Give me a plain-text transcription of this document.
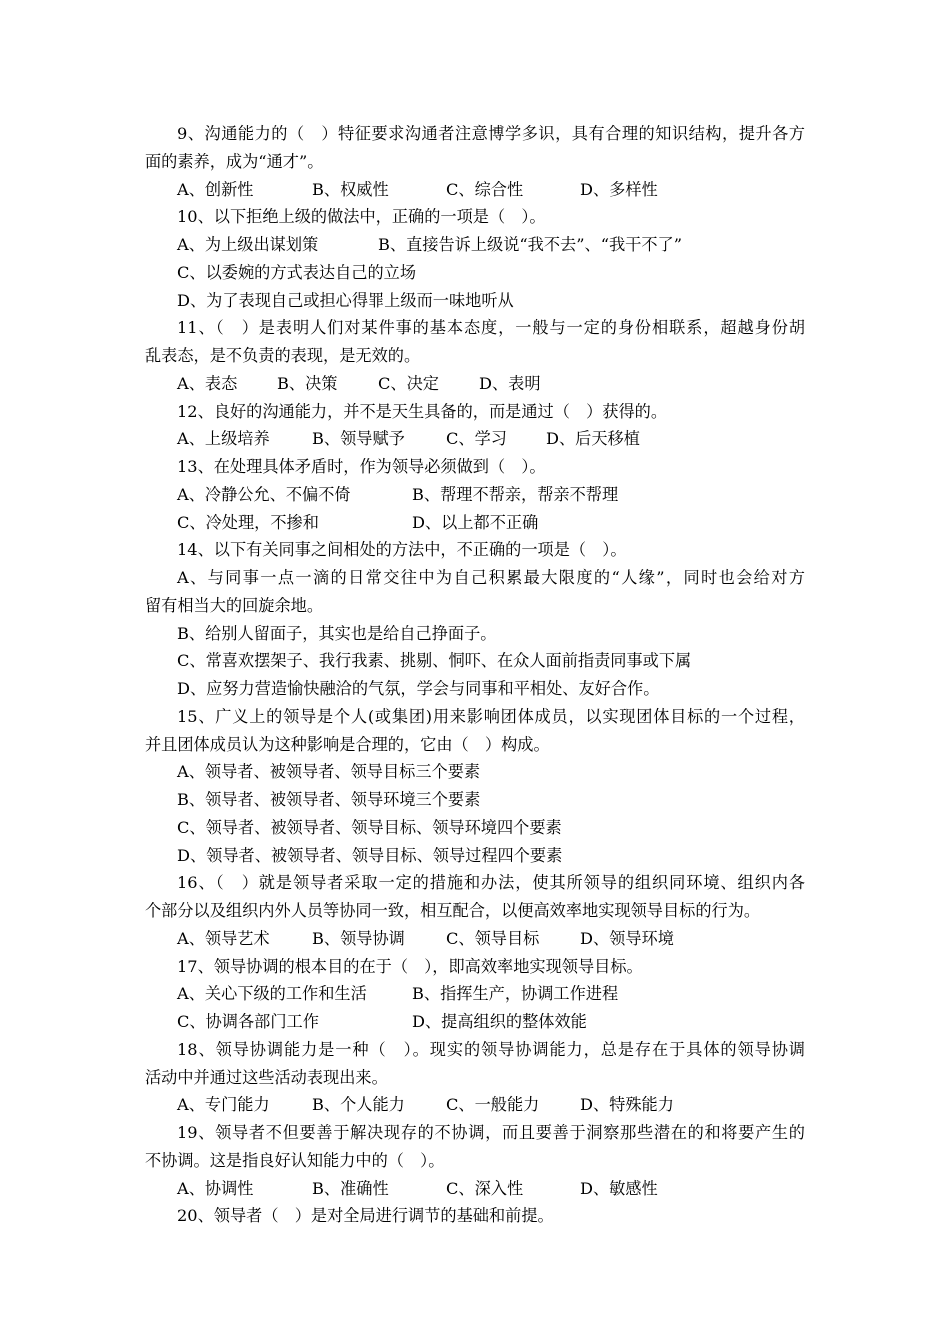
9、沟通能力的（　）特征要求沟通者注意博学多识，具有合理的知识结构，提升各方
面的素养，成为“通才”。
A、创新性	B、权威性	C、综合性	D、多样性
10、以下拒绝上级的做法中，正确的一项是（　）。
A、为上级出谋划策	B、直接告诉上级说“我不去”、“我干不了”
C、以委婉的方式表达自己的立场
D、为了表现自己或担心得罪上级而一味地听从
11、（　）是表明人们对某件事的基本态度，一般与一定的身份相联系，超越身份胡
乱表态，是不负责的表现，是无效的。
A、表态 B、决策	C、决定 D、表明
12、良好的沟通能力，并不是天生具备的，而是通过（　）获得的。
A、上级培养	B、领导赋予	C、学习 D、后天移植
13、在处理具体矛盾时，作为领导必须做到（　）。
A、冷静公允、不偏不倚	B、帮理不帮亲，帮亲不帮理
C、冷处理，不掺和	D、以上都不正确
14、以下有关同事之间相处的方法中，不正确的一项是（　）。
A、与同事一点一滴的日常交往中为自己积累最大限度的“人缘”，同时也会给对方
留有相当大的回旋余地。
B、给别人留面子，其实也是给自己挣面子。
C、常喜欢摆架子、我行我素、挑剔、恫吓、在众人面前指责同事或下属
D、应努力营造愉快融洽的气氛，学会与同事和平相处、友好合作。
15、广义上的领导是个人(或集团)用来影响团体成员，以实现团体目标的一个过程，
并且团体成员认为这种影响是合理的，它由（　）构成。
A、领导者、被领导者、领导目标三个要素
B、领导者、被领导者、领导环境三个要素
C、领导者、被领导者、领导目标、领导环境四个要素
D、领导者、被领导者、领导目标、领导过程四个要素
16、（　）就是领导者采取一定的措施和办法，使其所领导的组织同环境、组织内各
个部分以及组织内外人员等协同一致，相互配合，以便高效率地实现领导目标的行为。
A、领导艺术	B、领导协调	C、领导目标	D、领导环境
17、领导协调的根本目的在于（　），即高效率地实现领导目标。
A、关心下级的工作和生活	B、指挥生产，协调工作进程
C、协调各部门工作	D、提高组织的整体效能
18、领导协调能力是一种（　）。现实的领导协调能力，总是存在于具体的领导协调
活动中并通过这些活动表现出来。
A、专门能力	B、个人能力	C、一般能力	D、特殊能力
19、领导者不但要善于解决现存的不协调，而且要善于洞察那些潜在的和将要产生的
不协调。这是指良好认知能力中的（　）。
A、协调性	B、准确性	C、深入性	D、敏感性
20、领导者（　）是对全局进行调节的基础和前提。
